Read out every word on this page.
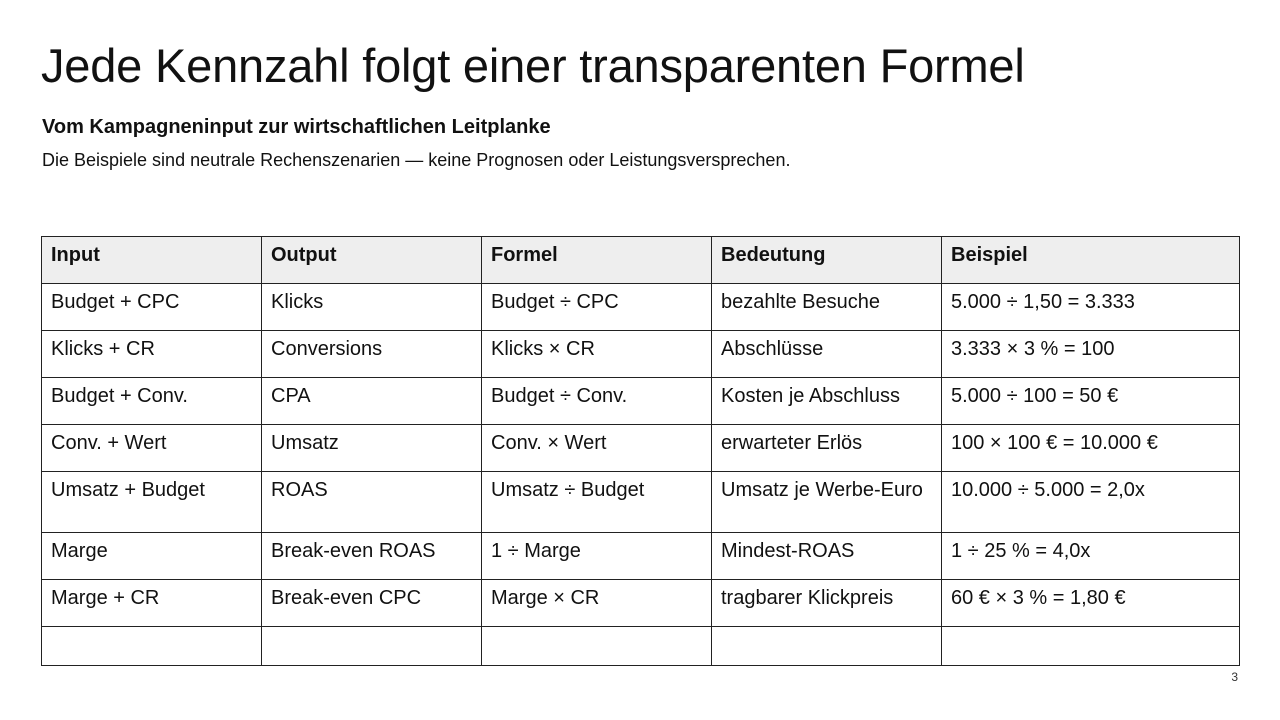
Jede Kennzahl folgt einer transparenten Formel
Vom Kampagneninput zur wirtschaftlichen Leitplanke

Die Beispiele sind neutrale Rechenszenarien — keine Prognosen oder Leistungsversprechen.

Input	Output	Formel	Bedeutung	Beispiel
Budget + CPC	Klicks	Budget ÷ CPC	bezahlte Besuche	5.000 ÷ 1,50 = 3.333
Klicks + CR	Conversions	Klicks × CR	Abschlüsse	3.333 × 3 % = 100
Budget + Conv.	CPA	Budget ÷ Conv.	Kosten je Abschluss	5.000 ÷ 100 = 50 €
Conv. + Wert	Umsatz	Conv. × Wert	erwarteter Erlös	100 × 100 € = 10.000 €
Umsatz + Budget	ROAS	Umsatz ÷ Budget	Umsatz je Werbe-Euro	10.000 ÷ 5.000 = 2,0x
Marge	Break-even ROAS	1 ÷ Marge	Mindest-ROAS	1 ÷ 25 % = 4,0x
Marge + CR	Break-even CPC	Marge × CR	tragbarer Klickpreis	60 € × 3 % = 1,80 €

3
